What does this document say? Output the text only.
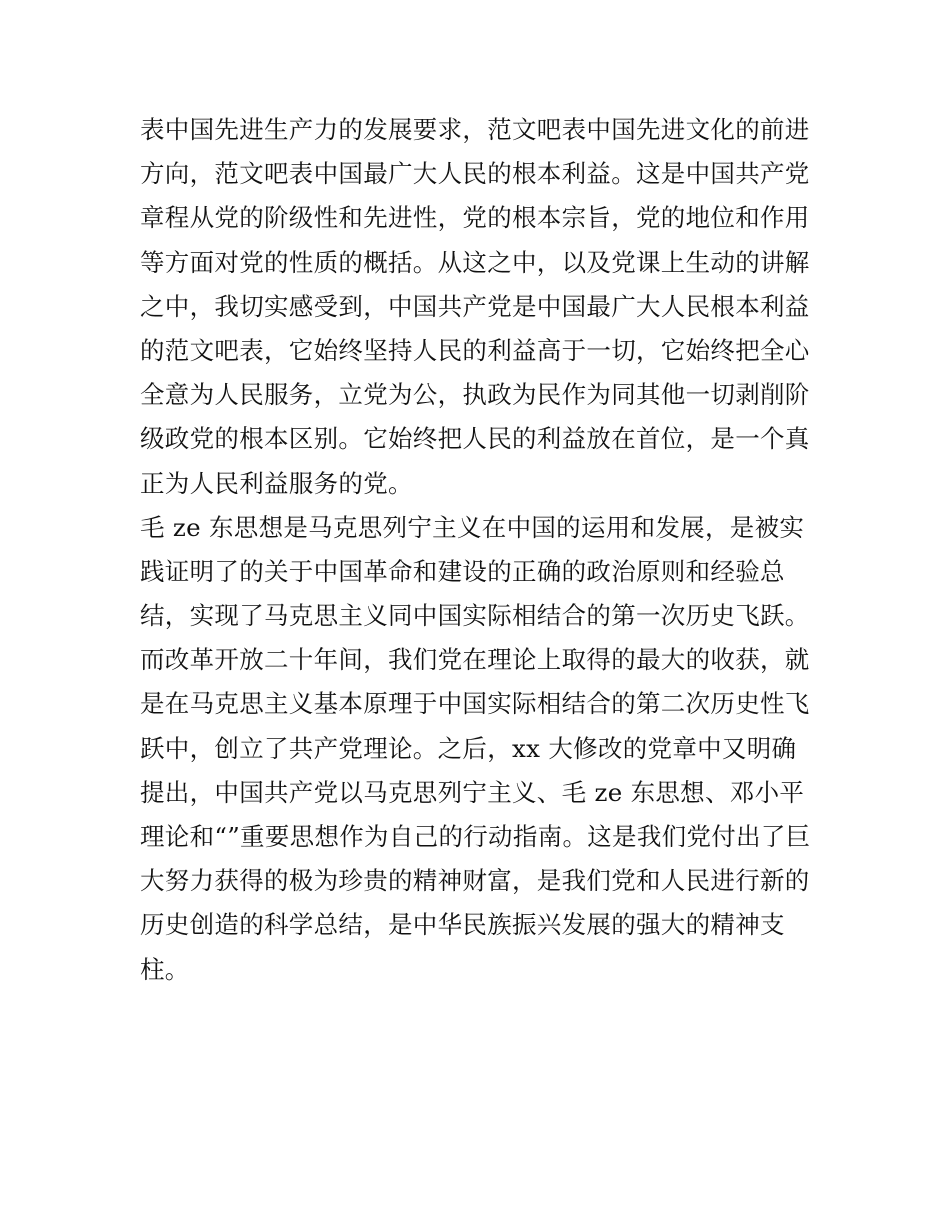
表中国先进生产力的发展要求，范文吧表中国先进文化的前进
方向，范文吧表中国最广大人民的根本利益。这是中国共产党
章程从党的阶级性和先进性，党的根本宗旨，党的地位和作用
等方面对党的性质的概括。从这之中，以及党课上生动的讲解
之中，我切实感受到，中国共产党是中国最广大人民根本利益
的范文吧表，它始终坚持人民的利益高于一切，它始终把全心
全意为人民服务，立党为公，执政为民作为同其他一切剥削阶
级政党的根本区别。它始终把人民的利益放在首位，是一个真
正为人民利益服务的党。
毛 ze 东思想是马克思列宁主义在中国的运用和发展，是被实
践证明了的关于中国革命和建设的正确的政治原则和经验总
结，实现了马克思主义同中国实际相结合的第一次历史飞跃。
而改革开放二十年间，我们党在理论上取得的最大的收获，就
是在马克思主义基本原理于中国实际相结合的第二次历史性飞
跃中，创立了共产党理论。之后，xx 大修改的党章中又明确
提出，中国共产党以马克思列宁主义、毛 ze 东思想、邓小平
理论和“”重要思想作为自己的行动指南。这是我们党付出了巨
大努力获得的极为珍贵的精神财富，是我们党和人民进行新的
历史创造的科学总结，是中华民族振兴发展的强大的精神支
柱。
